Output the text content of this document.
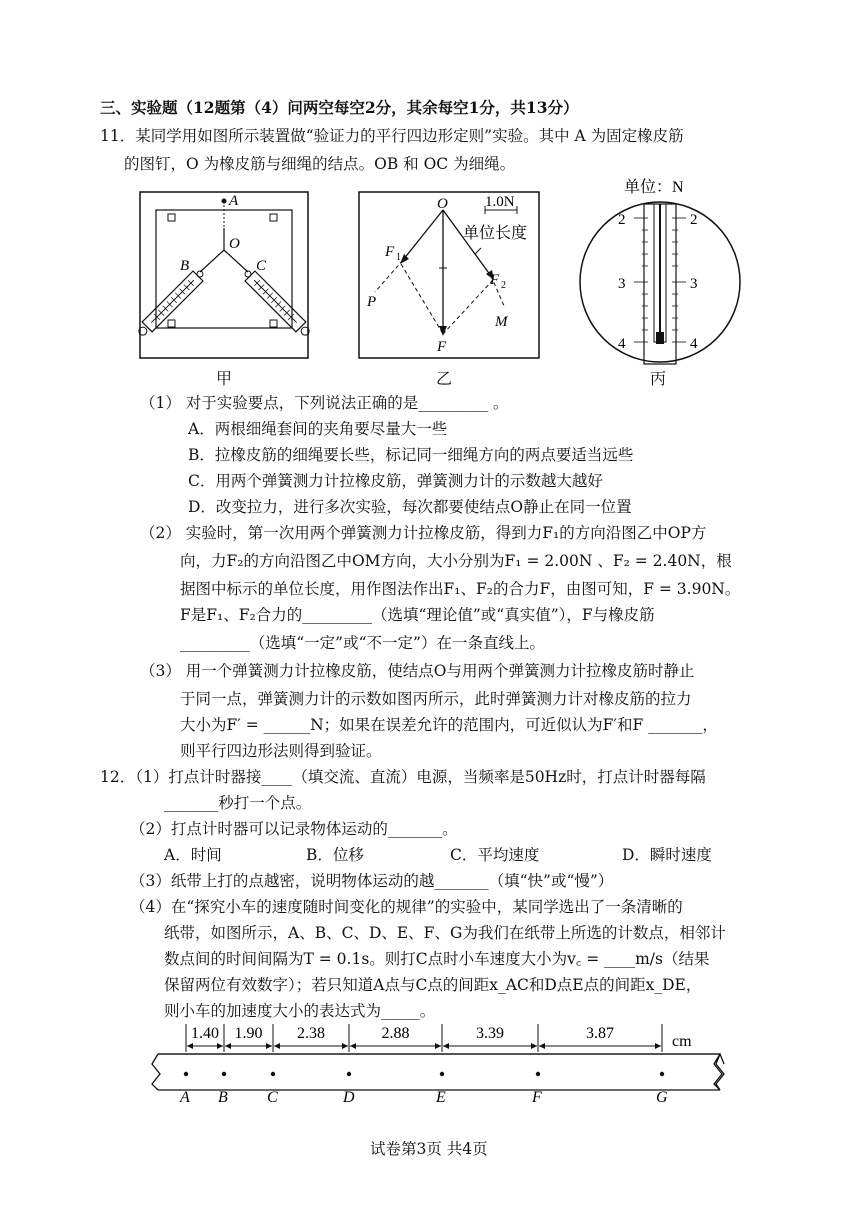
三、实验题（12题第（4）问两空每空2分，其余每空1分，共13分）
11．某同学用如图所示装置做“验证力的平行四边形定则”实验。其中 A 为固定橡皮筋
的图钉，O 为橡皮筋与细绳的结点。OB 和 OC 为细绳。
A
O
B	C
甲
1.0N
单位长度
O
F 1
F 2
P
M
F
乙
单位：N
2	2
3	3
4	4
丙
（1） 对于实验要点，下列说法正确的是_________ 。
A．两根细绳套间的夹角要尽量大一些
B．拉橡皮筋的细绳要长些，标记同一细绳方向的两点要适当远些
C．用两个弹簧测力计拉橡皮筋，弹簧测力计的示数越大越好
D．改变拉力，进行多次实验，每次都要使结点O静止在同一位置
（2） 实验时，第一次用两个弹簧测力计拉橡皮筋，得到力F₁的方向沿图乙中OP方
向，力F₂的方向沿图乙中OM方向，大小分别为F₁ = 2.00N 、F₂ = 2.40N，根
据图中标示的单位长度，用作图法作出F₁、F₂的合力F，由图可知，F = 3.90N。
F是F₁、F₂合力的_________（选填“理论值”或“真实值”），F与橡皮筋
_________（选填“一定”或“不一定”）在一条直线上。
（3） 用一个弹簧测力计拉橡皮筋，使结点O与用两个弹簧测力计拉橡皮筋时静止
于同一点，弹簧测力计的示数如图丙所示，此时弹簧测力计对橡皮筋的拉力
大小为F′ = ______N；如果在误差允许的范围内，可近似认为F′和F _______，
则平行四边形法则得到验证。
12．（1）打点计时器接____（填交流、直流）电源，当频率是50Hz时，打点计时器每隔
_______秒打一个点。
（2）打点计时器可以记录物体运动的_______。
A．时间	B．位移	C．平均速度	D．瞬时速度
（3）纸带上打的点越密，说明物体运动的越_______（填“快”或“慢”）
（4）在“探究小车的速度随时间变化的规律”的实验中，某同学选出了一条清晰的
纸带，如图所示，A、B、C、D、E、F、G为我们在纸带上所选的计数点，相邻计
数点间的时间间隔为T = 0.1s。则打C点时小车速度大小为v꜀ = ____m/s（结果
保留两位有效数字）；若只知道A点与C点的间距x_AC和D点E点的间距x_DE，
则小车的加速度大小的表达式为_____。
cm
A B C	D	E	F	G
1.40 1.90 2.38	2.88	3.39	3.87
试卷第3页 共4页
